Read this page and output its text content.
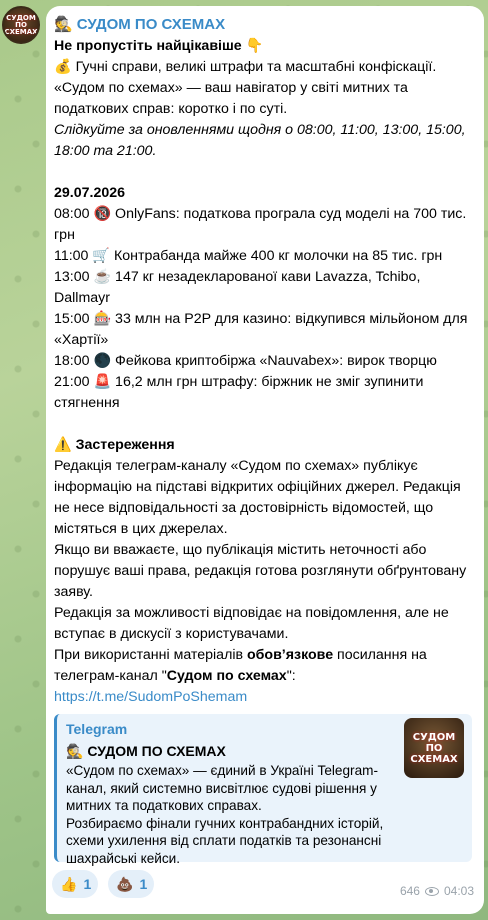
СУДОМ ПО СХЕМАХ 🕵 СУДОМ ПО СХЕМАХ

Не пропустіть найцікавіше 👇

💰 Гучні справи, великі штрафи та масштабні конфіскації.

«Судом по схемах» — ваш навігатор у світі митних та податкових справ: коротко і по суті.

Слідкуйте за оновленнями щодня о 08:00, 11:00, 13:00, 15:00, 18:00 та 21:00.

29.07.2026

08:00 🔞 OnlyFans: податкова програла суд моделі на 700 тис. грн

11:00 🛒 Контрабанда майже 400 кг молочки на 85 тис. грн

13:00 ☕ 147 кг незадекларованої кави Lavazza, Tchibo, Dallmayr

15:00 🎰 33 млн на P2P для казино: відкупився мільйоном для «Хартії»

18:00 🌑 Фейкова криптобіржа «Nauvabex»: вирок творцю

21:00 🚨 16,2 млн грн штрафу: біржник не зміг зупинити стягнення

⚠️ Застереження

Редакція телеграм-каналу «Судом по схемах» публікує інформацію на підставі відкритих офіційних джерел. Редакція не несе відповідальності за достовірність відомостей, що містяться в цих джерелах.

Якщо ви вважаєте, що публікація містить неточності або порушує ваші права, редакція готова розглянути обґрунтовану заяву.

Редакція за можливості відповідає на повідомлення, але не вступає в дискусії з користувачами.

При використанні матеріалів обов’язкове посилання на телеграм-канал "Судом по схемах":

https://t.me/SudomPoShemam

Telegram
🕵 СУДОМ ПО СХЕМАХ

«Судом по схемах» — єдиний в Україні Telegram-канал, який системно висвітлює судові рішення у митних та податкових справах.

Розбираємо фінали гучних контрабандних історій, схеми ухилення від сплати податків та резонансні шахрайські кейси.

СУДОМ ПО СХЕМАХ
👍 1 💩 1	646 04:03
